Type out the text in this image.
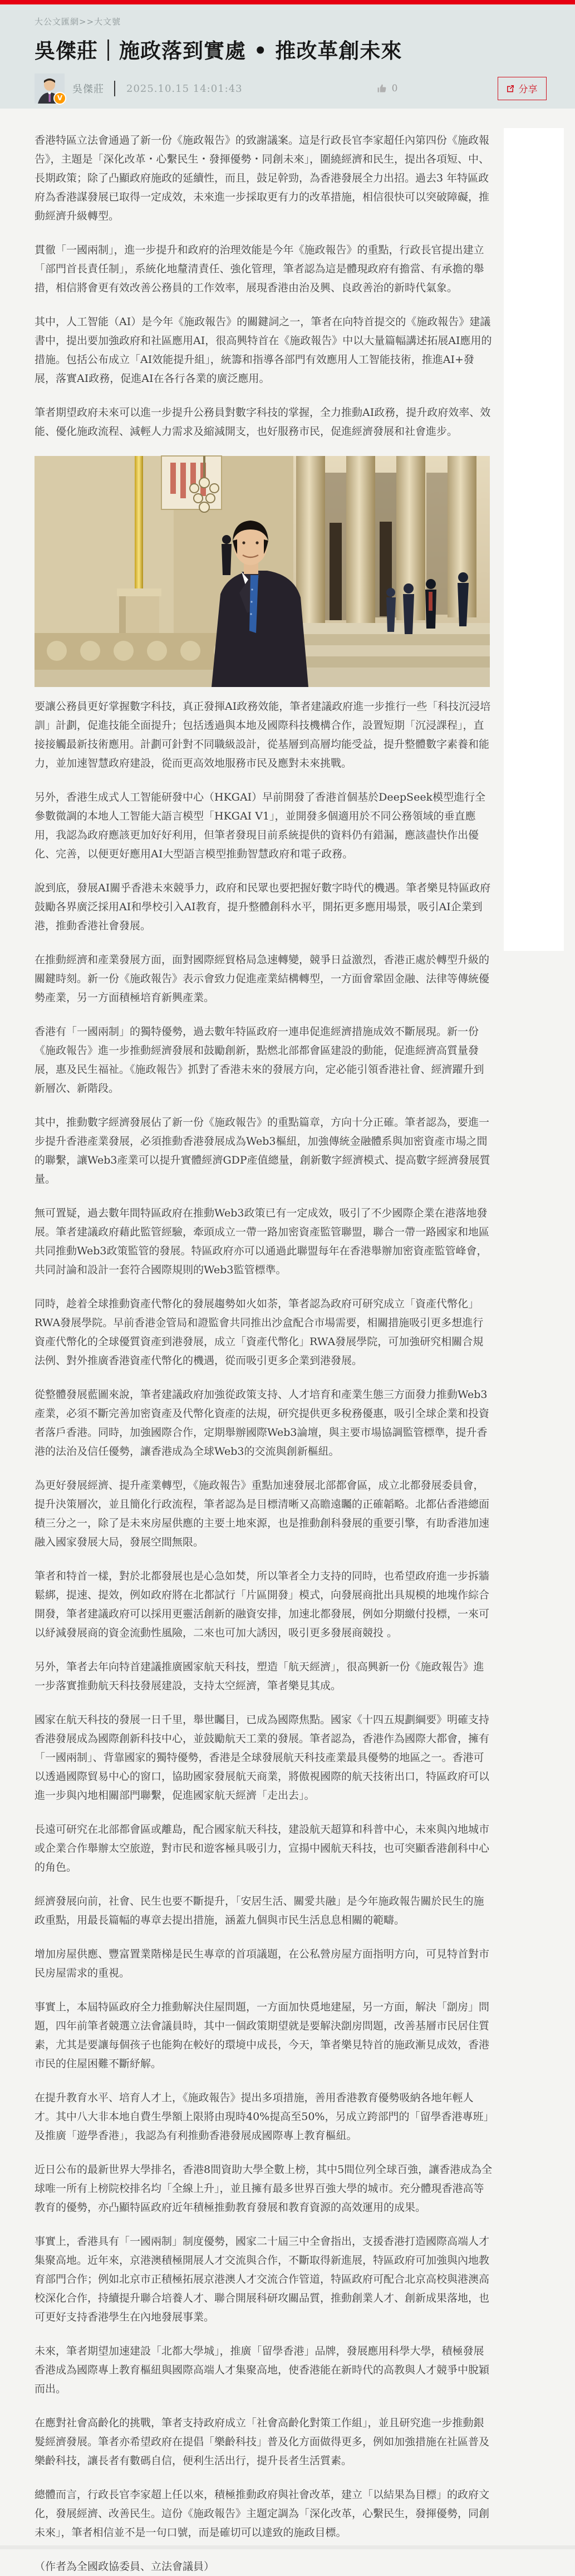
大公文匯網>>大文號
吳傑莊｜施政落到實處 • 推改革創未來
V
吳傑莊 2025.10.15 14:01:43	0	分享

香港特區立法會通過了新一份《施政報告》的致謝議案。這是行政長官李家超任內第四份《施政報告》，主題是「深化改革・心繫民生・發揮優勢・同創未來」，圍繞經濟和民生，提出各項短、中、長期政策；除了凸顯政府施政的延續性，而且，鼓足幹勁，為香港發展全力出招。過去3 年特區政府為香港謀發展已取得一定成效，未來進一步採取更有力的改革措施，相信很快可以突破障礙，推動經濟升級轉型。

貫徹「一國兩制」，進一步提升和政府的治理效能是今年《施政報告》的重點，行政長官提出建立「部門首長責任制」，系統化地釐清責任、強化管理，筆者認為這是體現政府有擔當、有承擔的舉措，相信將會更有效改善公務員的工作效率，展現香港由治及興、良政善治的新時代氣象。

其中，人工智能（AI）是今年《施政報告》的關鍵詞之一，筆者在向特首提交的《施政報告》建議書中，提出要加強政府和社區應用AI，很高興特首在《施政報告》中以大量篇幅講述拓展AI應用的措施。包括公布成立「AI效能提升組」，統籌和指導各部門有效應用人工智能技術，推進AI+發展，落實AI政務，促進AI在各行各業的廣泛應用。

筆者期望政府未來可以進一步提升公務員對數字科技的掌握，全力推動AI政務，提升政府效率、效能、優化施政流程、減輕人力需求及縮減開支，也好服務市民，促進經濟發展和社會進步。

要讓公務員更好掌握數字科技，真正發揮AI政務效能，筆者建議政府進一步推行一些「科技沉浸培訓」計劃，促進技能全面提升；包括透過與本地及國際科技機構合作，設置短期「沉浸課程」，直接接觸最新技術應用。計劃可針對不同職級設計，從基層到高層均能受益，提升整體數字素養和能力，並加速智慧政府建設，從而更高效地服務市民及應對未來挑戰。

另外，香港生成式人工智能研發中心（HKGAI）早前開發了香港首個基於DeepSeek模型進行全參數微調的本地人工智能大語言模型「HKGAI V1」，並開發多個適用於不同公務領域的垂直應用，我認為政府應該更加好好利用，但筆者發現目前系統提供的資料仍有錯漏，應該盡快作出優化、完善，以便更好應用AI大型語言模型推動智慧政府和電子政務。

說到底，發展AI關乎香港未來競爭力，政府和民眾也要把握好數字時代的機遇。筆者樂見特區政府鼓勵各界廣泛採用AI和學校引入AI教育，提升整體創科水平，開拓更多應用場景，吸引AI企業到港，推動香港社會發展。

在推動經濟和產業發展方面，面對國際經貿格局急速轉變，競爭日益激烈，香港正處於轉型升級的關鍵時刻。新一份《施政報告》表示會致力促進產業結構轉型，一方面會鞏固金融、法律等傳統優勢產業，另一方面積極培育新興產業。

香港有「一國兩制」的獨特優勢，過去數年特區政府一連串促進經濟措施成效不斷展現。新一份《施政報告》進一步推動經濟發展和鼓勵創新，點燃北部都會區建設的動能，促進經濟高質量發展，惠及民生福祉。《施政報告》抓對了香港未來的發展方向，定必能引領香港社會、經濟躍升到新層次、新階段。

其中，推動數字經濟發展佔了新一份《施政報告》的重點篇章，方向十分正確。筆者認為，要進一步提升香港產業發展，必須推動香港發展成為Web3樞紐，加強傳統金融體系與加密資產市場之間的聯繫，讓Web3產業可以提升實體經濟GDP產值總量，創新數字經濟模式、提高數字經濟發展質量。

無可置疑，過去數年間特區政府在推動Web3政策已有一定成效，吸引了不少國際企業在港落地發展。筆者建議政府藉此監管經驗，牽頭成立一帶一路加密資產監管聯盟，聯合一帶一路國家和地區共同推動Web3政策監管的發展。特區政府亦可以通過此聯盟每年在香港舉辦加密資產監管峰會，共同討論和設計一套符合國際規則的Web3監管標準。

同時，趁着全球推動資產代幣化的發展趨勢如火如荼，筆者認為政府可研究成立「資產代幣化」RWA發展學院。早前香港金管局和證監會共同推出沙盒配合市場需要，相關措施吸引更多想進行資產代幣化的全球優質資產到港發展，成立「資產代幣化」RWA發展學院，可加強研究相關合規法例、對外推廣香港資產代幣化的機遇，從而吸引更多企業到港發展。

從整體發展藍圖來說，筆者建議政府加強從政策支持、人才培育和產業生態三方面發力推動Web3產業，必須不斷完善加密資產及代幣化資產的法規，研究提供更多稅務優惠，吸引全球企業和投資者落戶香港。同時，加強國際合作，定期舉辦國際Web3論壇，與主要市場協調監管標準，提升香港的法治及信任優勢，讓香港成為全球Web3的交流與創新樞紐。

為更好發展經濟、提升產業轉型，《施政報告》重點加速發展北部都會區，成立北都發展委員會，提升決策層次，並且簡化行政流程，筆者認為是目標清晰又高瞻遠矚的正確韜略。北都佔香港總面積三分之一，除了是未來房屋供應的主要土地來源，也是推動創科發展的重要引擎，有助香港加速融入國家發展大局，發展空間無限。

筆者和特首一樣，對於北都發展也是心急如焚，所以筆者全力支持的同時，也希望政府進一步拆牆鬆綁，提速、提效，例如政府將在北都試行「片區開發」模式，向發展商批出具規模的地塊作綜合開發，筆者建議政府可以採用更靈活創新的融資安排，加速北都發展，例如分期繳付投標，一來可以紓減發展商的資金流動性風險，二來也可加大誘因，吸引更多發展商競投 。

另外，筆者去年向特首建議推廣國家航天科技，塑造「航天經濟」，很高興新一份《施政報告》進一步落實推動航天科技發展建設，支持太空經濟，筆者樂見其成。

國家在航天科技的發展一日千里，舉世矚目，已成為國際焦點。國家《十四五規劃綱要》明確支持香港發展成為國際創新科技中心，並鼓勵航天工業的發展。筆者認為，香港作為國際大都會，擁有「一國兩制」、背靠國家的獨特優勢，香港是全球發展航天科技產業最具優勢的地區之一。香港可以透過國際貿易中心的窗口，協助國家發展航天商業，將傲視國際的航天技術出口，特區政府可以進一步與內地相關部門聯繫，促進國家航天經濟「走出去」。

長遠可研究在北部都會區或離島，配合國家航天科技，建設航天超算和科普中心，未來與內地城市或企業合作舉辦太空旅遊，對市民和遊客極具吸引力，宣揚中國航天科技，也可突顯香港創科中心的角色。

經濟發展向前，社會、民生也要不斷提升，「安居生活、關愛共融」是今年施政報告關於民生的施政重點，用最長篇幅的專章去提出措施，涵蓋九個與市民生活息息相關的範疇。

增加房屋供應、豐富置業階梯是民生專章的首項議題，在公私營房屋方面指明方向，可見特首對市民房屋需求的重視。

事實上，本屆特區政府全力推動解決住屋問題，一方面加快覓地建屋，另一方面，解決「劏房」問題，四年前筆者競選立法會議員時，其中一個政策期望就是要解決劏房問題，改善基層市民居住質素，尤其是要讓每個孩子也能夠在較好的環境中成長，今天，筆者樂見特首的施政漸見成效，香港市民的住屋困難不斷紓解。

在提升教育水平、培育人才上，《施政報告》提出多項措施，善用香港教育優勢吸納各地年輕人才。其中八大非本地自費生學額上限將由現時40%提高至50%，另成立跨部門的「留學香港專班」及推廣「遊學香港」，我認為有利推動香港發展成國際專上教育樞紐。

近日公布的最新世界大學排名，香港8間資助大學全數上榜，其中5間位列全球百強，讓香港成為全球唯一所有上榜院校排名均「全線上升」，並且擁有最多世界百強大學的城市。充分體現香港高等教育的優勢，亦凸顯特區政府近年積極推動教育發展和教育資源的高效運用的成果。

事實上，香港具有「一國兩制」制度優勢，國家二十屆三中全會指出，支援香港打造國際高端人才集聚高地。近年來，京港澳積極開展人才交流與合作，不斷取得新進展，特區政府可加強與內地教育部門合作；例如北京市正積極拓展京港澳人才交流合作管道，特區政府可配合北京高校與港澳高校深化合作，持續提升聯合培養人才、聯合開展科研攻關品質，推動創業人才、創新成果落地，也可更好支持香港學生在內地發展事業。

未來，筆者期望加速建設「北都大學城」，推廣「留學香港」品牌，發展應用科學大學，積極發展香港成為國際專上教育樞紐與國際高端人才集聚高地，使香港能在新時代的高教與人才競爭中脫穎而出。

在應對社會高齡化的挑戰，筆者支持政府成立「社會高齡化對策工作組」，並且研究進一步推動銀髮經濟發展。筆者亦希望政府在提倡「樂齡科技」普及化方面做得更多，例如加強措施在社區普及樂齡科技，讓長者有數碼自信，便利生活出行，提升長者生活質素。

總體而言，行政長官李家超上任以來，積極推動政府與社會改革，建立「以結果為目標」的政府文化，發展經濟、改善民生。這份《施政報告》主題定調為「深化改革，心繫民生，發揮優勢，同創未來」，筆者相信並不是一句口號，而是確切可以達致的施政目標。

（作者為全國政協委員、立法會議員）
